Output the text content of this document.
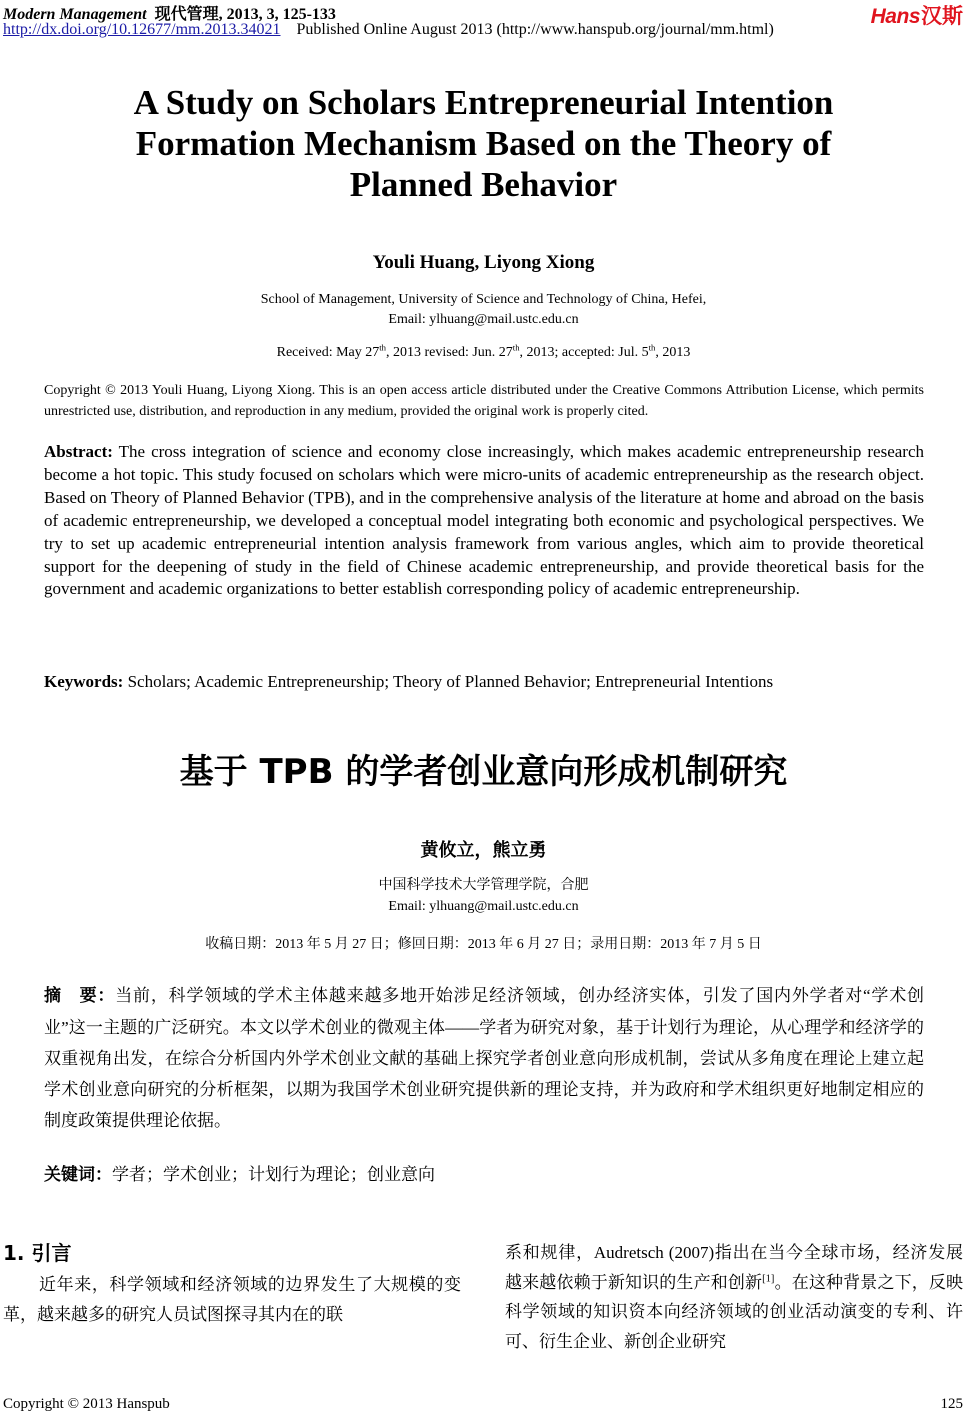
Modern Management 现代管理, 2013, 3, 125-133
http://dx.doi.org/10.12677/mm.2013.34021 Published Online August 2013 (http://www.hanspub.org/journal/mm.html)
Hans汉斯
A Study on Scholars Entrepreneurial Intention
Formation Mechanism Based on the Theory of
Planned Behavior
Youli Huang, Liyong Xiong
School of Management, University of Science and Technology of China, Hefei,
Email: ylhuang@mail.ustc.edu.cn
Received: May 27th, 2013 revised: Jun. 27th, 2013; accepted: Jul. 5th, 2013
Copyright © 2013 Youli Huang, Liyong Xiong. This is an open access article distributed under the Creative Commons Attribution License, which permits unrestricted use, distribution, and reproduction in any medium, provided the original work is properly cited.
Abstract: The cross integration of science and economy close increasingly, which makes academic entrepreneurship research become a hot topic. This study focused on scholars which were micro-units of academic entrepreneurship as the research object. Based on Theory of Planned Behavior (TPB), and in the comprehensive analysis of the literature at home and abroad on the basis of academic entrepreneurship, we developed a conceptual model integrating both economic and psychological perspectives. We try to set up academic entrepreneurial intention analysis framework from various angles, which aim to provide theoretical support for the deepening of study in the field of Chinese academic entrepreneurship, and provide theoretical basis for the government and academic organizations to better establish corresponding policy of academic entrepreneurship.
Keywords: Scholars; Academic Entrepreneurship; Theory of Planned Behavior; Entrepreneurial Intentions
基于 TPB 的学者创业意向形成机制研究
黄攸立，熊立勇
中国科学技术大学管理学院，合肥
Email: ylhuang@mail.ustc.edu.cn
收稿日期：2013 年 5 月 27 日；修回日期：2013 年 6 月 27 日；录用日期：2013 年 7 月 5 日
摘　要：当前，科学领域的学术主体越来越多地开始涉足经济领域，创办经济实体，引发了国内外学者对“学术创业”这一主题的广泛研究。本文以学术创业的微观主体——学者为研究对象，基于计划行为理论，从心理学和经济学的双重视角出发，在综合分析国内外学术创业文献的基础上探究学者创业意向形成机制，尝试从多角度在理论上建立起学术创业意向研究的分析框架，以期为我国学术创业研究提供新的理论支持，并为政府和学术组织更好地制定相应的制度政策提供理论依据。
关键词：学者；学术创业；计划行为理论；创业意向
1. 引言
近年来，科学领域和经济领域的边界发生了大规模的变革，越来越多的研究人员试图探寻其内在的联
系和规律，Audretsch (2007)指出在当今全球市场，经济发展越来越依赖于新知识的生产和创新[1]。在这种背景之下，反映科学领域的知识资本向经济领域的创业活动演变的专利、许可、衍生企业、新创企业研究
Copyright © 2013 Hanspub	125
